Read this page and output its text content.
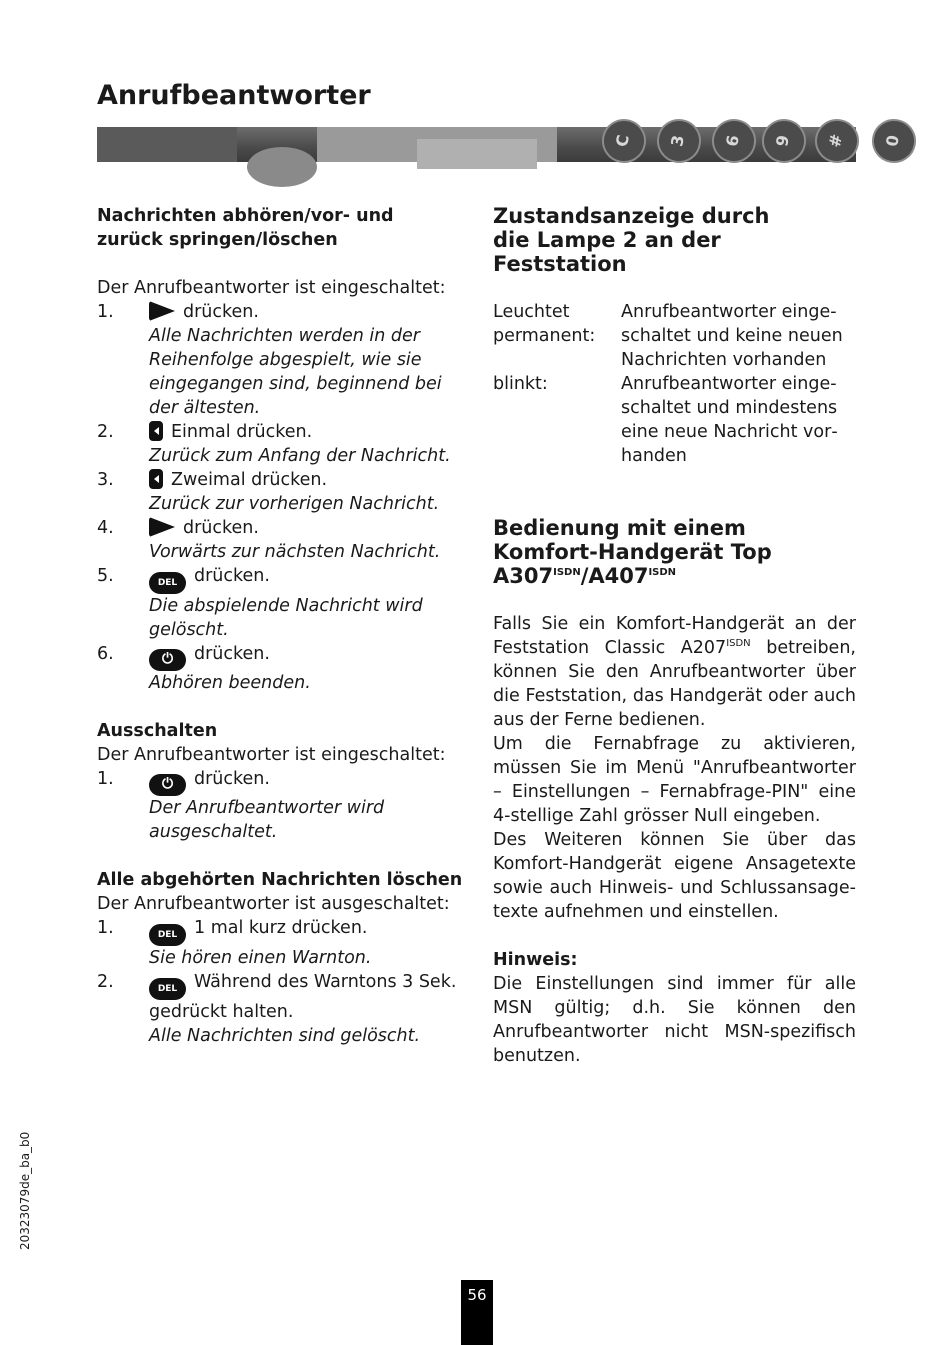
Anrufbeantworter
C	3	6	9	#	0

Nachrichten abhören/vor- und zurück springen/löschen

Der Anrufbeantworter ist eingeschaltet:

1.	drücken.
Alle Nachrichten werden in der Reihenfolge abgespielt, wie sie eingegangen sind, beginnend bei der ältesten.
2.	Einmal drücken.
Zurück zum Anfang der Nachricht.
3.	Zweimal drücken.
Zurück zur vorherigen Nachricht.
4.	drücken.
Vorwärts zur nächsten Nachricht.
5.	DEL drücken.
Die abspielende Nachricht wird gelöscht.
6.	⏻ drücken.
Abhören beenden.

Ausschalten

Der Anrufbeantworter ist eingeschaltet:

1.	⏻ drücken.
Der Anrufbeantworter wird ausgeschaltet.

Alle abgehörten Nachrichten löschen

Der Anrufbeantworter ist ausgeschaltet:

1.	DEL 1 mal kurz drücken.
Sie hören einen Warnton.
2.	DEL Während des Warntons 3 Sek. gedrückt halten.
Alle Nachrichten sind gelöscht.

Zustandsanzeige durch die Lampe 2 an der Feststation

Leuchtet permanent:
Anrufbeantworter eingeschaltet und keine neuen Nachrichten vorhanden
blinkt:	Anrufbeantworter eingeschaltet und mindestens eine neue Nachricht vorhanden

Bedienung mit einem Komfort-Handgerät Top $A307^{ISDN}/A407^{ISDN}$

Falls Sie ein Komfort-Handgerät an der Feststation Classic $A207^{ISDN}$ betreiben, können Sie den Anrufbeantworter über die Feststation, das Handgerät oder auch aus der Ferne bedienen.

Um die Fernabfrage zu aktivieren, müssen Sie im Menü "Anrufbeantworter – Einstellungen – Fernabfrage-PIN" eine 4-stellige Zahl grösser Null eingeben.

Des Weiteren können Sie über das Komfort-Handgerät eigene Ansagetexte sowie auch Hinweis- und Schlussansagetexte aufnehmen und einstellen.

Hinweis:

Die Einstellungen sind immer für alle MSN gültig; d.h. Sie können den Anrufbeantworter nicht MSN-spezifisch benutzen.

20323079de_ba_b0
56
